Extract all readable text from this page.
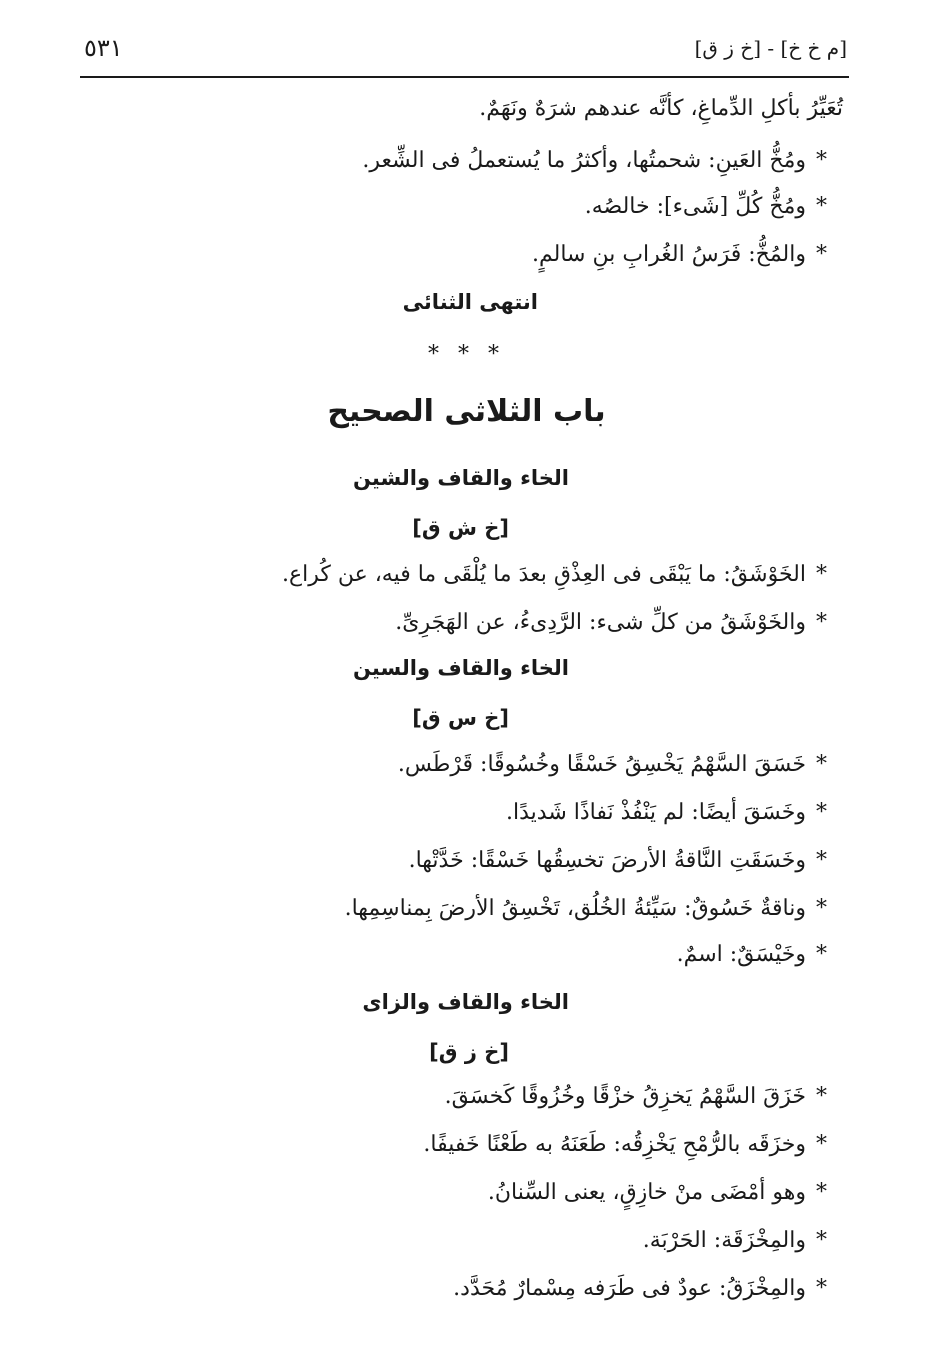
٥٣١	[م خ خ] - [خ ز ق]
تُعَيِّرُ بأكلِ الدِّماغِ، كأنَّه عندهم شرَهٌ ونَهَمٌ.
*ومُخُّ العَينِ: شحمتُها، وأكثرُ ما يُستعملُ فى الشِّعر.
*ومُخُّ كُلِّ [شَىء]: خالصُه.
*والمُخُّ: فَرَسُ الغُرابِ بنِ سالمٍ.
انتهى الثنائى
* * *
باب الثلاثى الصحيح
الخاء والقاف والشين
[خ ش ق]
*الخَوْشَقُ: ما يَبْقَى فى العِذْقِ بعدَ ما يُلْقَى ما فيه، عن كُراع.
*والخَوْشَقُ من كلِّ شىء: الرَّدِىءُ، عن الهَجَرِىِّ.
الخاء والقاف والسين
[خ س ق]
*خَسَقَ السَّهْمُ يَخْسِقُ خَسْقًا وخُسُوقًا: قَرْطَس.
*وخَسَقَ أيضًا: لم يَنْفُذْ نَفاذًا شَديدًا.
*وخَسَقَتِ النَّاقةُ الأرضَ تخسِقُها خَسْقًا: خَدَّتْها.
*وناقةٌ خَسُوقٌ: سَيِّئةُ الخُلُق، تَخْسِقُ الأرضَ بِمناسِمِها.
*وخَيْسَقٌ: اسمٌ.
الخاء والقاف والزاى
[خ ز ق]
*خَزَقَ السَّهْمُ يَخزِقُ خزْقًا وخُزُوقًا كَخسَقَ.
*وخزَقَه بالرُّمْحِ يَخْزِقُه: طَعَنَهُ به طَعْنًا خَفيفًا.
*وهو أمْضَى منْ خازِقٍ، يعنى السِّنانُ.
*والمِخْزَقَة: الحَرْبَة.
*والمِخْزَقُ: عودٌ فى طَرَفه مِسْمارٌ مُحَدَّد.
